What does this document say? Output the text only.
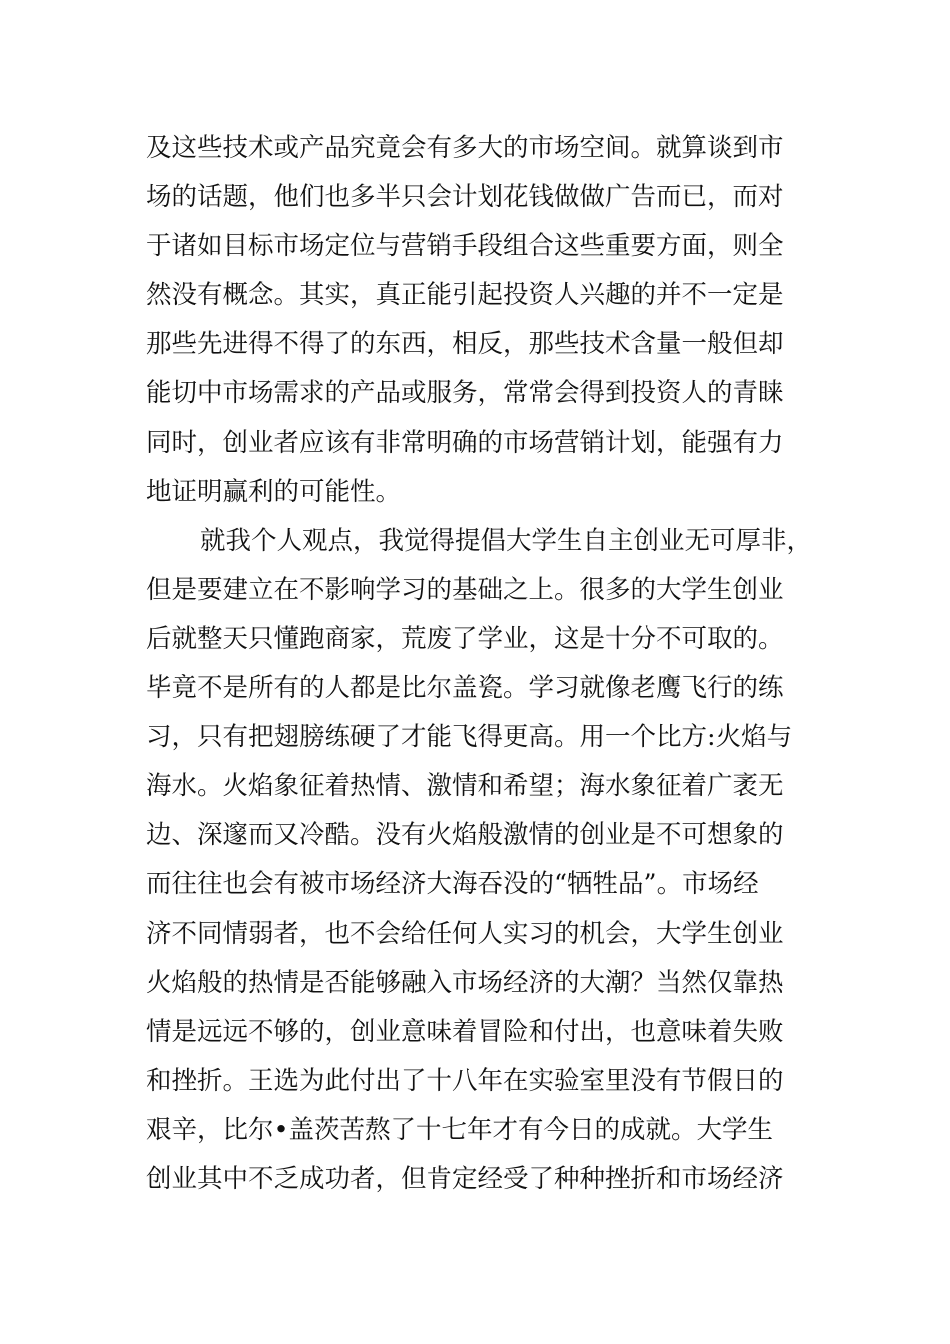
及这些技术或产品究竟会有多大的市场空间。就算谈到市
场的话题，他们也多半只会计划花钱做做广告而已，而对
于诸如目标市场定位与营销手段组合这些重要方面，则全
然没有概念。其实，真正能引起投资人兴趣的并不一定是
那些先进得不得了的东西，相反，那些技术含量一般但却
能切中市场需求的产品或服务，常常会得到投资人的青睐
同时，创业者应该有非常明确的市场营销计划，能强有力
地证明赢利的可能性。
就我个人观点，我觉得提倡大学生自主创业无可厚非，
但是要建立在不影响学习的基础之上。很多的大学生创业
后就整天只懂跑商家，荒废了学业，这是十分不可取的。
毕竟不是所有的人都是比尔盖瓷。学习就像老鹰飞行的练
习，只有把翅膀练硬了才能飞得更高。用一个比方:火焰与
海水。火焰象征着热情、激情和希望；海水象征着广袤无
边、深邃而又冷酷。没有火焰般激情的创业是不可想象的
而往往也会有被市场经济大海吞没的“牺牲品”。市场经
济不同情弱者，也不会给任何人实习的机会，大学生创业
火焰般的热情是否能够融入市场经济的大潮？当然仅靠热
情是远远不够的，创业意味着冒险和付出，也意味着失败
和挫折。王选为此付出了十八年在实验室里没有节假日的
艰辛，比尔•盖茨苦熬了十七年才有今日的成就。大学生
创业其中不乏成功者，但肯定经受了种种挫折和市场经济
